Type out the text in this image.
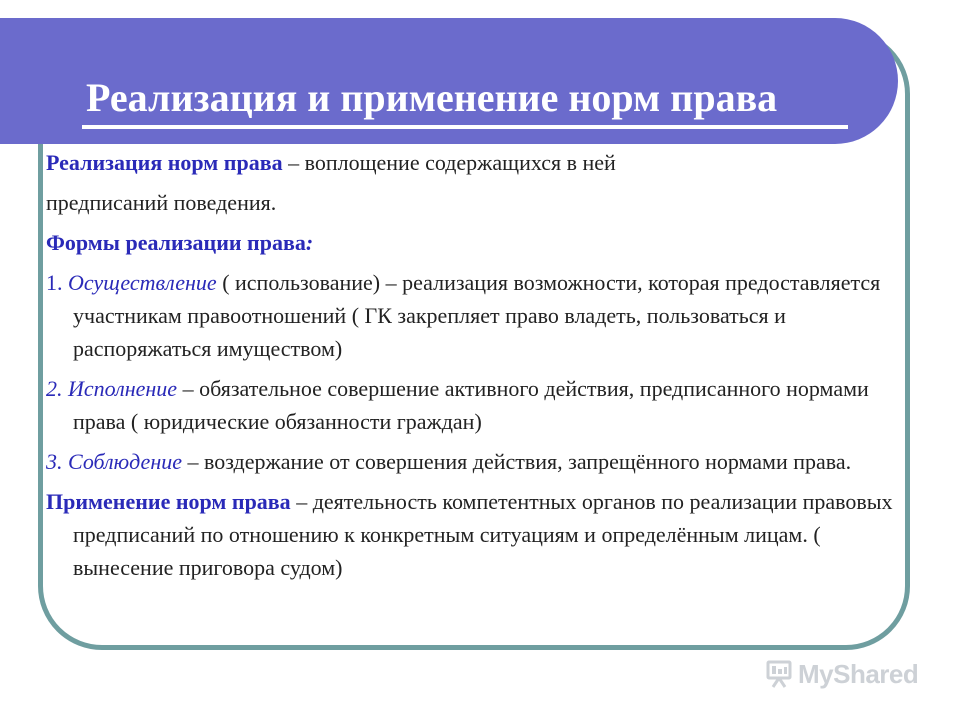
Реализация и применение норм права

Реализация норм права – воплощение содержащихся в ней

предписаний поведения.

Формы реализации права:

1. Осуществление ( использование) – реализация возможности, которая предоставляется участникам правоотношений ( ГК закрепляет право владеть, пользоваться и распоряжаться имуществом)

2. Исполнение – обязательное совершение активного действия, предписанного нормами права ( юридические обязанности граждан)

3. Соблюдение – воздержание от совершения действия, запрещённого нормами права.

Применение норм права – деятельность компетентных органов по реализации правовых предписаний по отношению к конкретным ситуациям и определённым лицам. ( вынесение приговора судом)

MyShared
